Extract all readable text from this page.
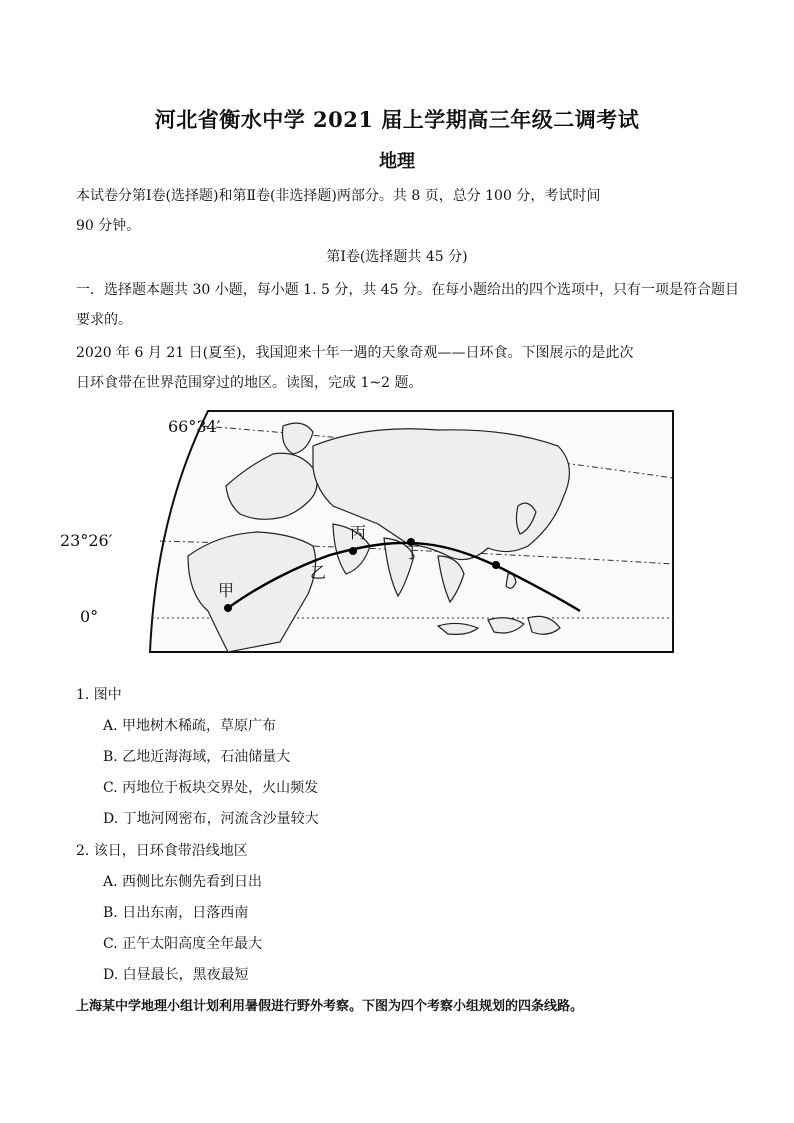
河北省衡水中学 2021 届上学期高三年级二调考试
地理
本试卷分第Ⅰ卷(选择题)和第Ⅱ卷(非选择题)两部分。共 8 页，总分 100 分，考试时间
90 分钟。
第Ⅰ卷(选择题共 45 分)
一．选择题本题共 30 小题，每小题 1. 5 分，共 45 分。在每小题给出的四个选项中，只有一项是符合题目
要求的。
2020 年 6 月 21 日(夏至)，我国迎来十年一遇的天象奇观——日环食。下图展示的是此次
日环食带在世界范围穿过的地区。读图，完成 1~2 题。
66°34′
23°26′
0°
甲
乙
丙
丁
1. 图中
A. 甲地树木稀疏，草原广布
B. 乙地近海海域，石油储量大
C. 丙地位于板块交界处，火山频发
D. 丁地河网密布，河流含沙量较大
2. 该日，日环食带沿线地区
A. 西侧比东侧先看到日出
B. 日出东南，日落西南
C. 正午太阳高度全年最大
D. 白昼最长，黑夜最短
上海某中学地理小组计划利用暑假进行野外考察。下图为四个考察小组规划的四条线路。
